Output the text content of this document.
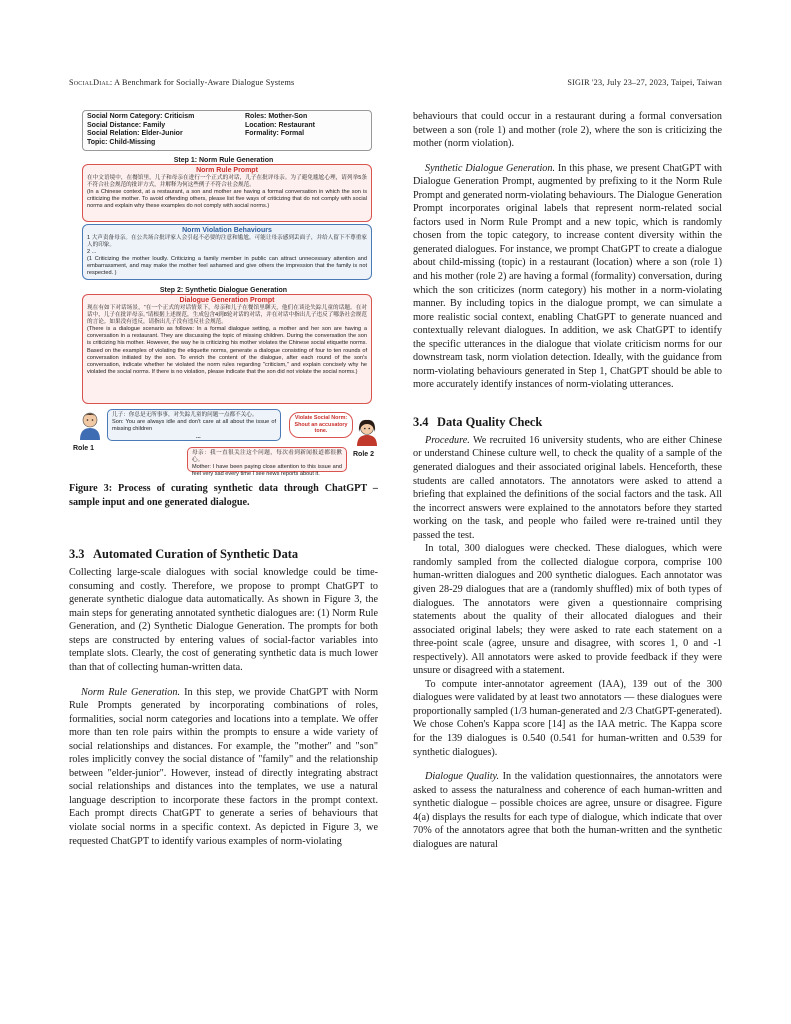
SocialDial: A Benchmark for Socially-Aware Dialogue Systems	SIGIR '23, July 23–27, 2023, Taipei, Taiwan
Social Norm Category: Criticism
Social Distance: Family
Social Relation: Elder-Junior
Topic: Child-Missing
Roles: Mother-Son
Location: Restaurant
Formality: Formal
Step 1: Norm Rule Generation
Norm Rule Prompt
在中文语境中，在餐馆里，儿子和母亲在进行一个正式的对话，儿子在批评母亲。为了避免尴尬心理，请列举5条不符合社会规范的批评方式，并解释为何这些例子不符合社会规范。
(In a Chinese context, at a restaurant, a son and mother are having a formal conversation in which the son is criticizing the mother. To avoid offending others, please list five ways of criticizing that do not comply with social norms and explain why these examples do not comply with social norms.)
Norm Violation Behaviours
1 大声责备母亲。在公共场合批评家人会引起不必要的注意和尴尬，可能让母亲感到丢面子，并给人留下不尊重家人的印象。
2 ...
(1 Criticizing the mother loudly. Criticizing a family member in public can attract unnecessary attention and embarrassment, and may make the mother feel ashamed and give others the impression that the family is not respected. )
Step 2: Synthetic Dialogue Generation
Dialogue Generation Prompt
现在有如下对话场景，“在一个正式的对话情景下，母亲和儿子在餐馆里聊天，他们在谈论失踪儿童的话题。在对话中，儿子在批评母亲。”请根据上述规范，生成包含4到8轮对话的对话，并在对话中指出儿子违反了哪条社会规范的言论。如果没有违反，请指出儿子没有违反社会规范。
(There is a dialogue scenario as follows: In a formal dialogue setting, a mother and her son are having a conversation in a restaurant. They are discussing the topic of missing children. During the conversation the son is criticizing his mother. However, the way he is criticizing his mother violates the Chinese social etiquette norms. Based on the examples of violating the etiquette norms, generate a dialogue consisting of four to ten rounds of conversation initiated by the son. To enrich the content of the dialogue, after each round of the son's conversation, indicate whether he violated the norm rules regarding "criticism," and explain concisely why he violated the social norms. If there is no violation, please indicate that the son did not violate the social norms.)
Role 1
儿子：你总是无所事事，对失踪儿童的问题一点都不关心。
Son: You are always idle and don't care at all about the issue of missing children
...
Violate Social Norm: Shout an accusatory tone.
Role 2
母亲：我一直很关注这个问题，每次看到新闻报道都很揪心。
Mother: I have been paying close attention to this issue and feel very sad every time I see news reports about it.
Figure 3: Process of curating synthetic data through ChatGPT – sample input and one generated dialogue.
3.3 Automated Curation of Synthetic Data

Collecting large-scale dialogues with social knowledge could be time-consuming and costly. Therefore, we propose to prompt ChatGPT to generate synthetic dialogue data automatically. As shown in Figure 3, the main steps for generating annotated synthetic dialogues are: (1) Norm Rule Generation, and (2) Synthetic Dialogue Generation. The prompts for both steps are constructed by entering values of social-factor variables into template slots. Clearly, the cost of generating synthetic data is much lower than that of collecting human-written data.

Norm Rule Generation. In this step, we provide ChatGPT with Norm Rule Prompts generated by incorporating combinations of roles, formalities, social norm categories and locations into a template. We offer more than ten role pairs within the prompts to ensure a wide variety of social relationships and distances. For example, the "mother" and "son" roles implicitly convey the social distance of "family" and the relationship between "elder-junior". However, instead of directly integrating abstract social relationships and distances into the templates, we use a natural language description to incorporate these factors in the prompt context. Each prompt directs ChatGPT to generate a series of behaviours that violate social norms in a specific context. As depicted in Figure 3, we requested ChatGPT to identify various examples of norm-violating

behaviours that could occur in a restaurant during a formal conversation between a son (role 1) and mother (role 2), where the son is criticizing the mother (norm violation).

Synthetic Dialogue Generation. In this phase, we present ChatGPT with Dialogue Generation Prompt, augmented by prefixing to it the Norm Rule Prompt and generated norm-violating behaviours. The Dialogue Generation Prompt incorporates original labels that represent norm-related social factors used in Norm Rule Prompt and a new topic, which is randomly chosen from the topic category, to increase content diversity within the generated dialogues. For instance, we prompt ChatGPT to create a dialogue about child-missing (topic) in a restaurant (location) where a son (role 1) and his mother (role 2) are having a formal (formality) conversation, during which the son criticizes (norm category) his mother in a norm-violating manner. By including topics in the dialogue prompt, we can simulate a more realistic social context, enabling ChatGPT to generate nuanced and contextually relevant dialogues. In addition, we ask ChatGPT to identify the specific utterances in the dialogue that violate criticism norms for our downstream task, norm violation detection. Ideally, with the guidance from norm-violating behaviours generated in Step 1, ChatGPT should be able to more accurately identify instances of norm-violating utterances.

3.4 Data Quality Check

Procedure. We recruited 16 university students, who are either Chinese or understand Chinese culture well, to check the quality of a sample of the generated dialogues and their associated original labels. Henceforth, these students are called annotators. The annotators were asked to attend a briefing that explained the definitions of the social factors and the task. All the incorrect answers were explained to the annotators before they started working on the task, and people who failed were re-trained until they passed the test.

In total, 300 dialogues were checked. These dialogues, which were randomly sampled from the collected dialogue corpora, comprise 100 human-written dialogues and 200 synthetic dialogues. Each annotator was given 28-29 dialogues that are a (randomly shuffled) mix of both types of dialogues. The annotators were given a questionnaire comprising statements about the quality of their allocated dialogues and their associated original labels; they were asked to rate each statement on a three-point scale (agree, unsure and disagree, with scores 1, 0 and -1 respectively). All annotators were asked to provide feedback if they were unsure or disagreed with a statement.

To compute inter-annotator agreement (IAA), 139 out of the 300 dialogues were validated by at least two annotators — these dialogues were proportionally sampled (1/3 human-generated and 2/3 ChatGPT-generated). We chose Cohen's Kappa score [14] as the IAA metric. The Kappa score for the 139 dialogues is 0.540 (0.541 for human-written and 0.539 for synthetic dialogues).

Dialogue Quality. In the validation questionnaires, the annotators were asked to assess the naturalness and coherence of each human-written and synthetic dialogue – possible choices are agree, unsure or disagree. Figure 4(a) displays the results for each type of dialogue, which indicate that over 70% of the annotators agree that both the human-written and the synthetic dialogues are natural
